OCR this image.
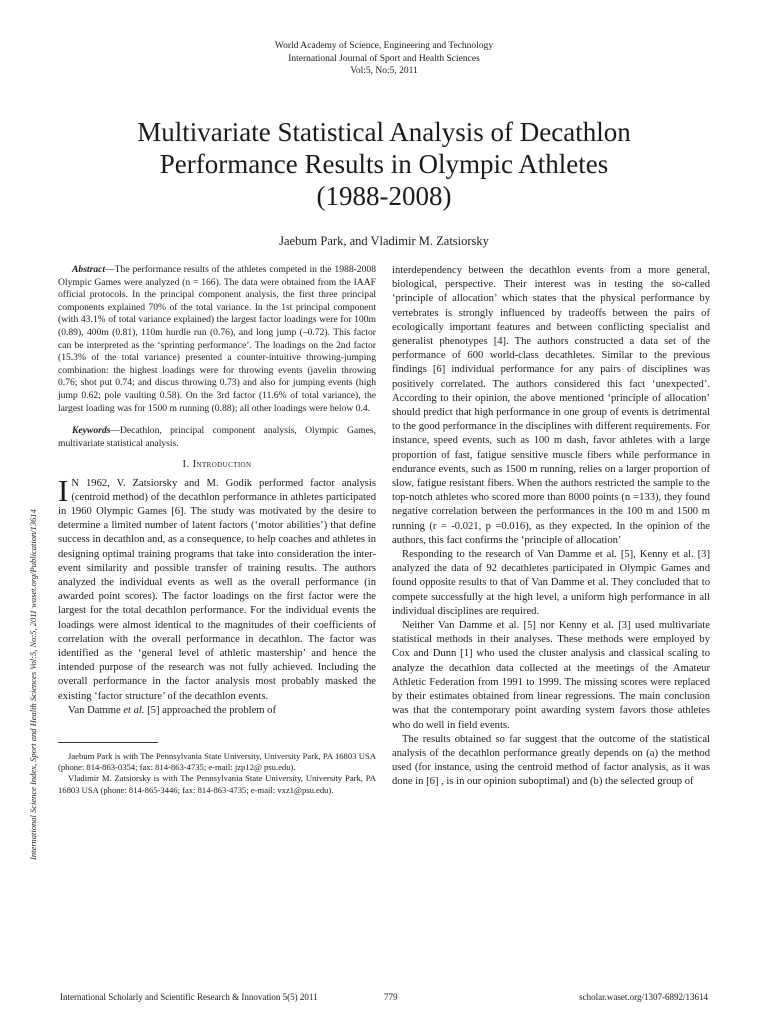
World Academy of Science, Engineering and Technology
International Journal of Sport and Health Sciences
Vol:5, No:5, 2011
Multivariate Statistical Analysis of Decathlon
Performance Results in Olympic Athletes
(1988-2008)
Jaebum Park, and Vladimir M. Zatsiorsky
International Science Index, Sport and Health Sciences Vol:5, No:5, 2011 waset.org/Publication/13614

Abstract—The performance results of the athletes competed in the 1988-2008 Olympic Games were analyzed (n = 166). The data were obtained from the IAAF official protocols. In the principal component analysis, the first three principal components explained 70% of the total variance. In the 1st principal component (with 43.1% of total variance explained) the largest factor loadings were for 100m (0.89), 400m (0.81), 110m hurdle run (0.76), and long jump (–0.72). This factor can be interpreted as the ‘sprinting performance’. The loadings on the 2nd factor (15.3% of the total variance) presented a counter-intuitive throwing-jumping combination: the highest loadings were for throwing events (javelin throwing 0.76; shot put 0.74; and discus throwing 0.73) and also for jumping events (high jump 0.62; pole vaulting 0.58). On the 3rd factor (11.6% of total variance), the largest loading was for 1500 m running (0.88); all other loadings were below 0.4.

Keywords—Decathlon, principal component analysis, Olympic Games, multivariate statistical analysis.

I. Introduction

I N 1962, V. Zatsiorsky and M. Godik performed factor analysis (centroid method) of the decathlon performance in athletes participated in 1960 Olympic Games [6]. The study was motivated by the desire to determine a limited number of latent factors (‘motor abilities’) that define success in decathlon and, as a consequence, to help coaches and athletes in designing optimal training programs that take into consideration the inter-event similarity and possible transfer of training results. The authors analyzed the individual events as well as the overall performance (in awarded point scores). The factor loadings on the first factor were the largest for the total decathlon performance. For the individual events the loadings were almost identical to the magnitudes of their coefficients of correlation with the overall performance in decathlon. The factor was identified as the ‘general level of athletic mastership’ and hence the intended purpose of the research was not fully achieved. Including the overall performance in the factor analysis most probably masked the existing ‘factor structure’ of the decathlon events.

Van Damme et al. [5] approached the problem of

Jaebum Park is with The Pennsylvania State University, University Park, PA 16803 USA (phone: 814-863-0354; fax: 814-863-4735; e-mail: jzp12@ psu.edu).

Vladimir M. Zatsiorsky is with The Pennsylvania State University, University Park, PA 16803 USA (phone: 814-865-3446; fax: 814-863-4735; e-mail: vxz1@psu.edu).

interdependency between the decathlon events from a more general, biological, perspective. Their interest was in testing the so-called ‘principle of allocation’ which states that the physical performance by vertebrates is strongly influenced by tradeoffs between the pairs of ecologically important features and between conflicting specialist and generalist phenotypes [4]. The authors constructed a data set of the performance of 600 world-class decathletes. Similar to the previous findings [6] individual performance for any pairs of disciplines was positively correlated. The authors considered this fact ‘unexpected’. According to their opinion, the above mentioned ‘principle of allocation’ should predict that high performance in one group of events is detrimental to the good performance in the disciplines with different requirements. For instance, speed events, such as 100 m dash, favor athletes with a large proportion of fast, fatigue sensitive muscle fibers while performance in endurance events, such as 1500 m running, relies on a larger proportion of slow, fatigue resistant fibers. When the authors restricted the sample to the top-notch athletes who scored more than 8000 points (n =133), they found negative correlation between the performances in the 100 m and 1500 m running (r = -0.021, p =0.016), as they expected. In the opinion of the authors, this fact confirms the ‘principle of allocation’

Responding to the research of Van Damme et al. [5], Kenny et al. [3] analyzed the data of 92 decathletes participated in Olympic Games and found opposite results to that of Van Damme et al. They concluded that to compete successfully at the high level, a uniform high performance in all individual disciplines are required.

Neither Van Damme et al. [5] nor Kenny et al. [3] used multivariate statistical methods in their analyses. These methods were employed by Cox and Dunn [1] who used the cluster analysis and classical scaling to analyze the decathlon data collected at the meetings of the Amateur Athletic Federation from 1991 to 1999. The missing scores were replaced by their estimates obtained from linear regressions. The main conclusion was that the contemporary point awarding system favors those athletes who do well in field events.

The results obtained so far suggest that the outcome of the statistical analysis of the decathlon performance greatly depends on (a) the method used (for instance, using the centroid method of factor analysis, as it was done in [6] , is in our opinion suboptimal) and (b) the selected group of

International Scholarly and Scientific Research & Innovation 5(5) 2011	779	scholar.waset.org/1307-6892/13614
